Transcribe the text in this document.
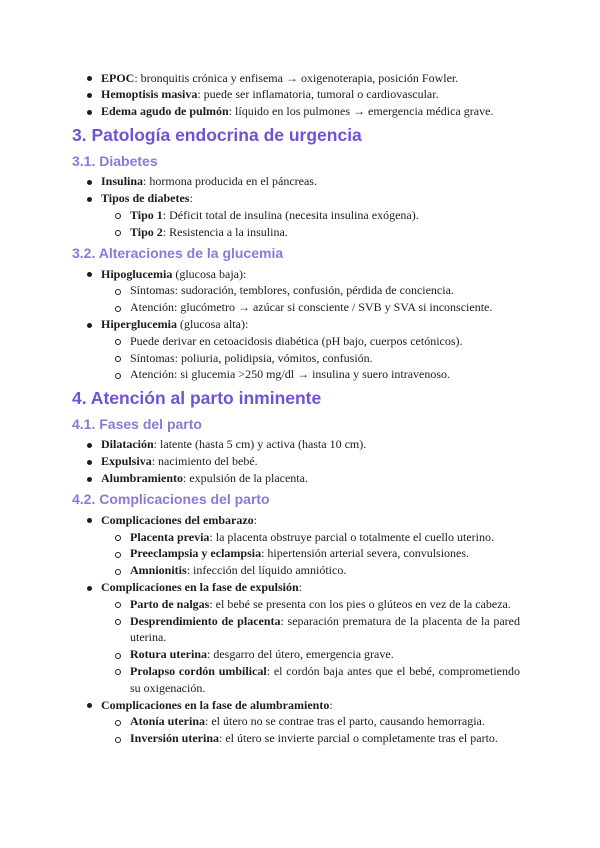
EPOC: bronquitis crónica y enfisema → oxigenoterapia, posición Fowler.
Hemoptisis masiva: puede ser inflamatoria, tumoral o cardiovascular.
Edema agudo de pulmón: líquido en los pulmones → emergencia médica grave.
3. Patología endocrina de urgencia
3.1. Diabetes
Insulina: hormona producida en el páncreas.
Tipos de diabetes:
Tipo 1: Déficit total de insulina (necesita insulina exógena).
Tipo 2: Resistencia a la insulina.
3.2. Alteraciones de la glucemia
Hipoglucemia (glucosa baja):
Síntomas: sudoración, temblores, confusión, pérdida de conciencia.
Atención: glucómetro → azúcar si consciente / SVB y SVA si inconsciente.
Hiperglucemia (glucosa alta):
Puede derivar en cetoacidosis diabética (pH bajo, cuerpos cetónicos).
Síntomas: poliuria, polidipsia, vómitos, confusión.
Atención: si glucemia >250 mg/dl → insulina y suero intravenoso.
4. Atención al parto inminente
4.1. Fases del parto
Dilatación: latente (hasta 5 cm) y activa (hasta 10 cm).
Expulsiva: nacimiento del bebé.
Alumbramiento: expulsión de la placenta.
4.2. Complicaciones del parto
Complicaciones del embarazo:
Placenta previa: la placenta obstruye parcial o totalmente el cuello uterino.
Preeclampsia y eclampsia: hipertensión arterial severa, convulsiones.
Amnionitis: infección del líquido amniótico.
Complicaciones en la fase de expulsión:
Parto de nalgas: el bebé se presenta con los pies o glúteos en vez de la cabeza.
Desprendimiento de placenta: separación prematura de la placenta de la pared uterina.
Rotura uterina: desgarro del útero, emergencia grave.
Prolapso cordón umbilical: el cordón baja antes que el bebé, comprometiendo su oxigenación.
Complicaciones en la fase de alumbramiento:
Atonía uterina: el útero no se contrae tras el parto, causando hemorragia.
Inversión uterina: el útero se invierte parcial o completamente tras el parto.
